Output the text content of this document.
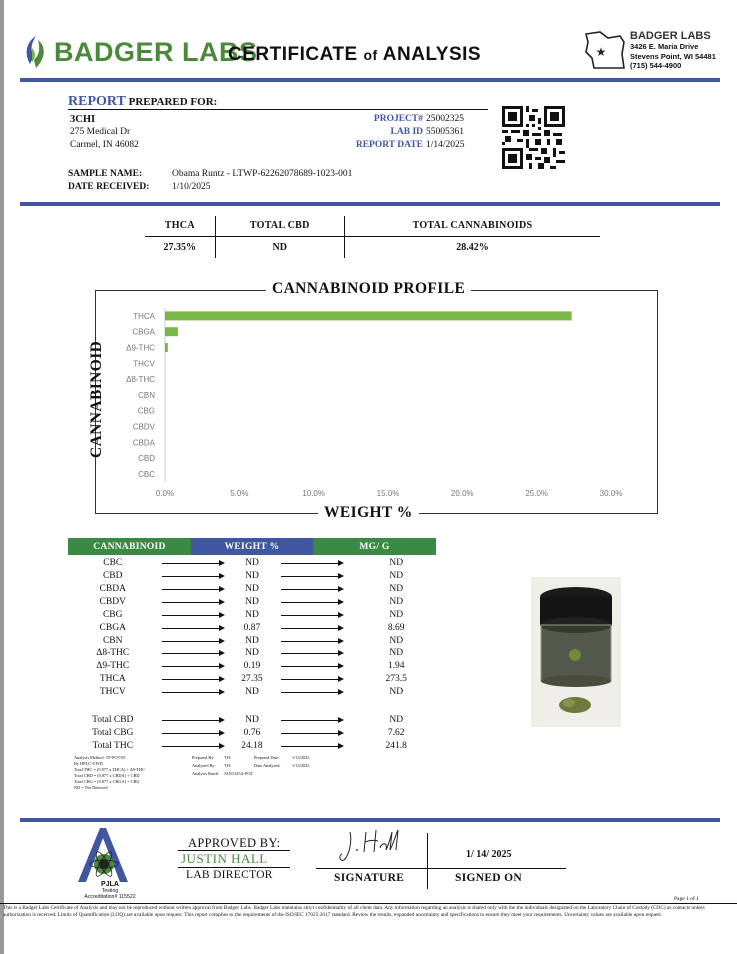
BADGER LABS
CERTIFICATE of ANALYSIS	★
BADGER LABS
3426 E. Maria Drive
Stevens Point, WI 54481
(715) 544-4900
REPORT PREPARED FOR:
3CHI
275 Medical Dr
Carmel, IN 46082
PROJECT# 25002325
LAB ID 55005361
REPORT DATE 1/14/2025
SAMPLE NAME:	Obama Runtz - LTWP-62262078689-1023-001
DATE RECEIVED: 1/10/2025
THCA	TOTAL CBD	TOTAL CANNABINOIDS
27.35%	ND	28.42%
THCA
CBGA
Δ9-THC
THCV
Δ8-THC
CBN
CBG
CBDV
CBDA
CBD
CBC
0.0%	5.0%	10.0%	15.0%	20.0%	25.0%	30.0%
CANNABINOID PROFILE
WEIGHT %
CANNABINOID
CANNABINOID	WEIGHT %	MG/ G
CBC	ND	ND
CBD	ND	ND
CBDA	ND	ND
CBDV	ND	ND
CBG	ND	ND
CBGA	0.87	8.69
CBN	ND	ND
Δ8-THC	ND	ND
Δ9-THC	0.19	1.94
THCA	27.35	273.5
THCV	ND	ND
Total CBD	ND	ND
Total CBG	0.76	7.62
Total THC	24.18	241.8
Analysis Method: TP-POT-05
By HPLC-VWD
Total THC = (0.877 x THCA) + Δ9-THC
Total CBD = (0.877 x CBDA) + CBD
Total CBG = (0.877 x CBGA) + CBG
ND = Not Detected
Prepared By: TJS	Prepared Date:	1/13/2025
Analyzed By: TJS	Date Analyzed:	1/13/2025
Analysis Batch: JAN1325A-POT
PJLA
Testing
Accreditation# 115522
APPROVED BY:
JUSTIN HALL
LAB DIRECTOR	SIGNATURE	SIGNED ON
1/ 14/ 2025
Page 1 of 1
This is a Badger Labs Certificate of Analysis and may not be reproduced without written approval from Badger Labs. Badger Labs maintains strict confidentiality of all client data. Any information regarding an analysis is shared only with the the individuals designated on the Laboratory Chain of Custody (COC) as contacts unless authorization is received. Limits of Quantification (LOQ) are available upon request. This report complies to the requirements of the ISO/IEC 17025:2017 standard. Review the results, expanded uncertainty and specifications to ensure they meet your requirements. Uncertainty values are available upon request.
